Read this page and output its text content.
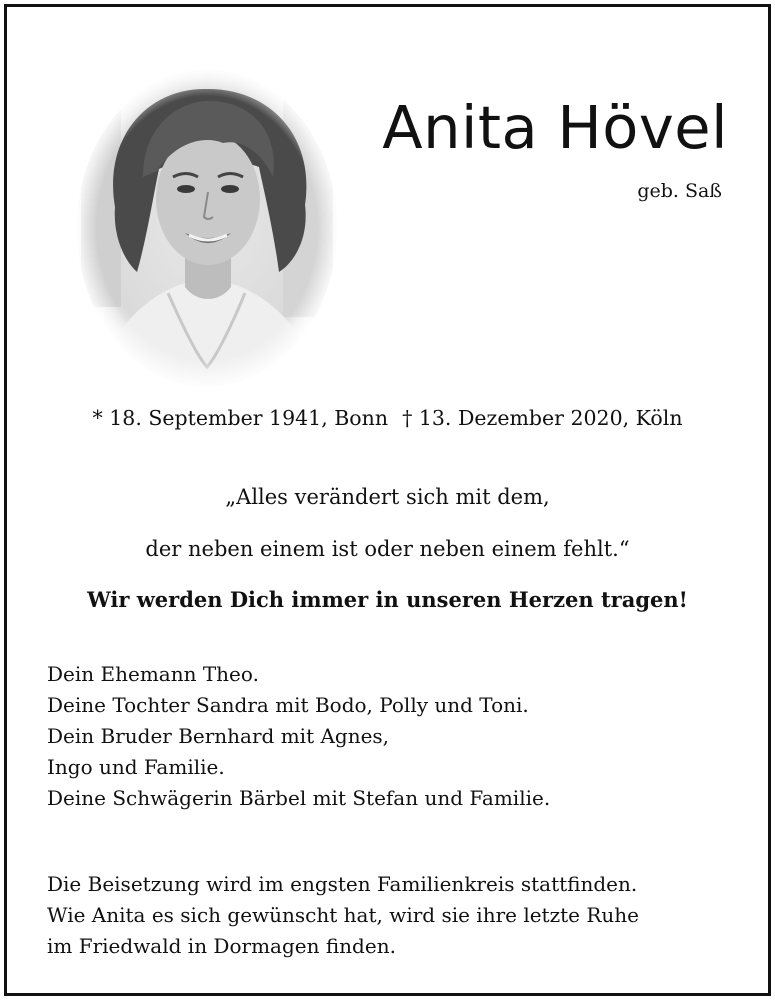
Anita Hövel
geb. Saß
* 18. September 1941, Bonn † 13. Dezember 2020, Köln
„Alles verändert sich mit dem,
der neben einem ist oder neben einem fehlt.“
Wir werden Dich immer in unseren Herzen tragen!
Dein Ehemann Theo.
Deine Tochter Sandra mit Bodo, Polly und Toni.
Dein Bruder Bernhard mit Agnes,
Ingo und Familie.
Deine Schwägerin Bärbel mit Stefan und Familie.
Die Beisetzung wird im engsten Familienkreis stattfinden.
Wie Anita es sich gewünscht hat, wird sie ihre letzte Ruhe
im Friedwald in Dormagen finden.
